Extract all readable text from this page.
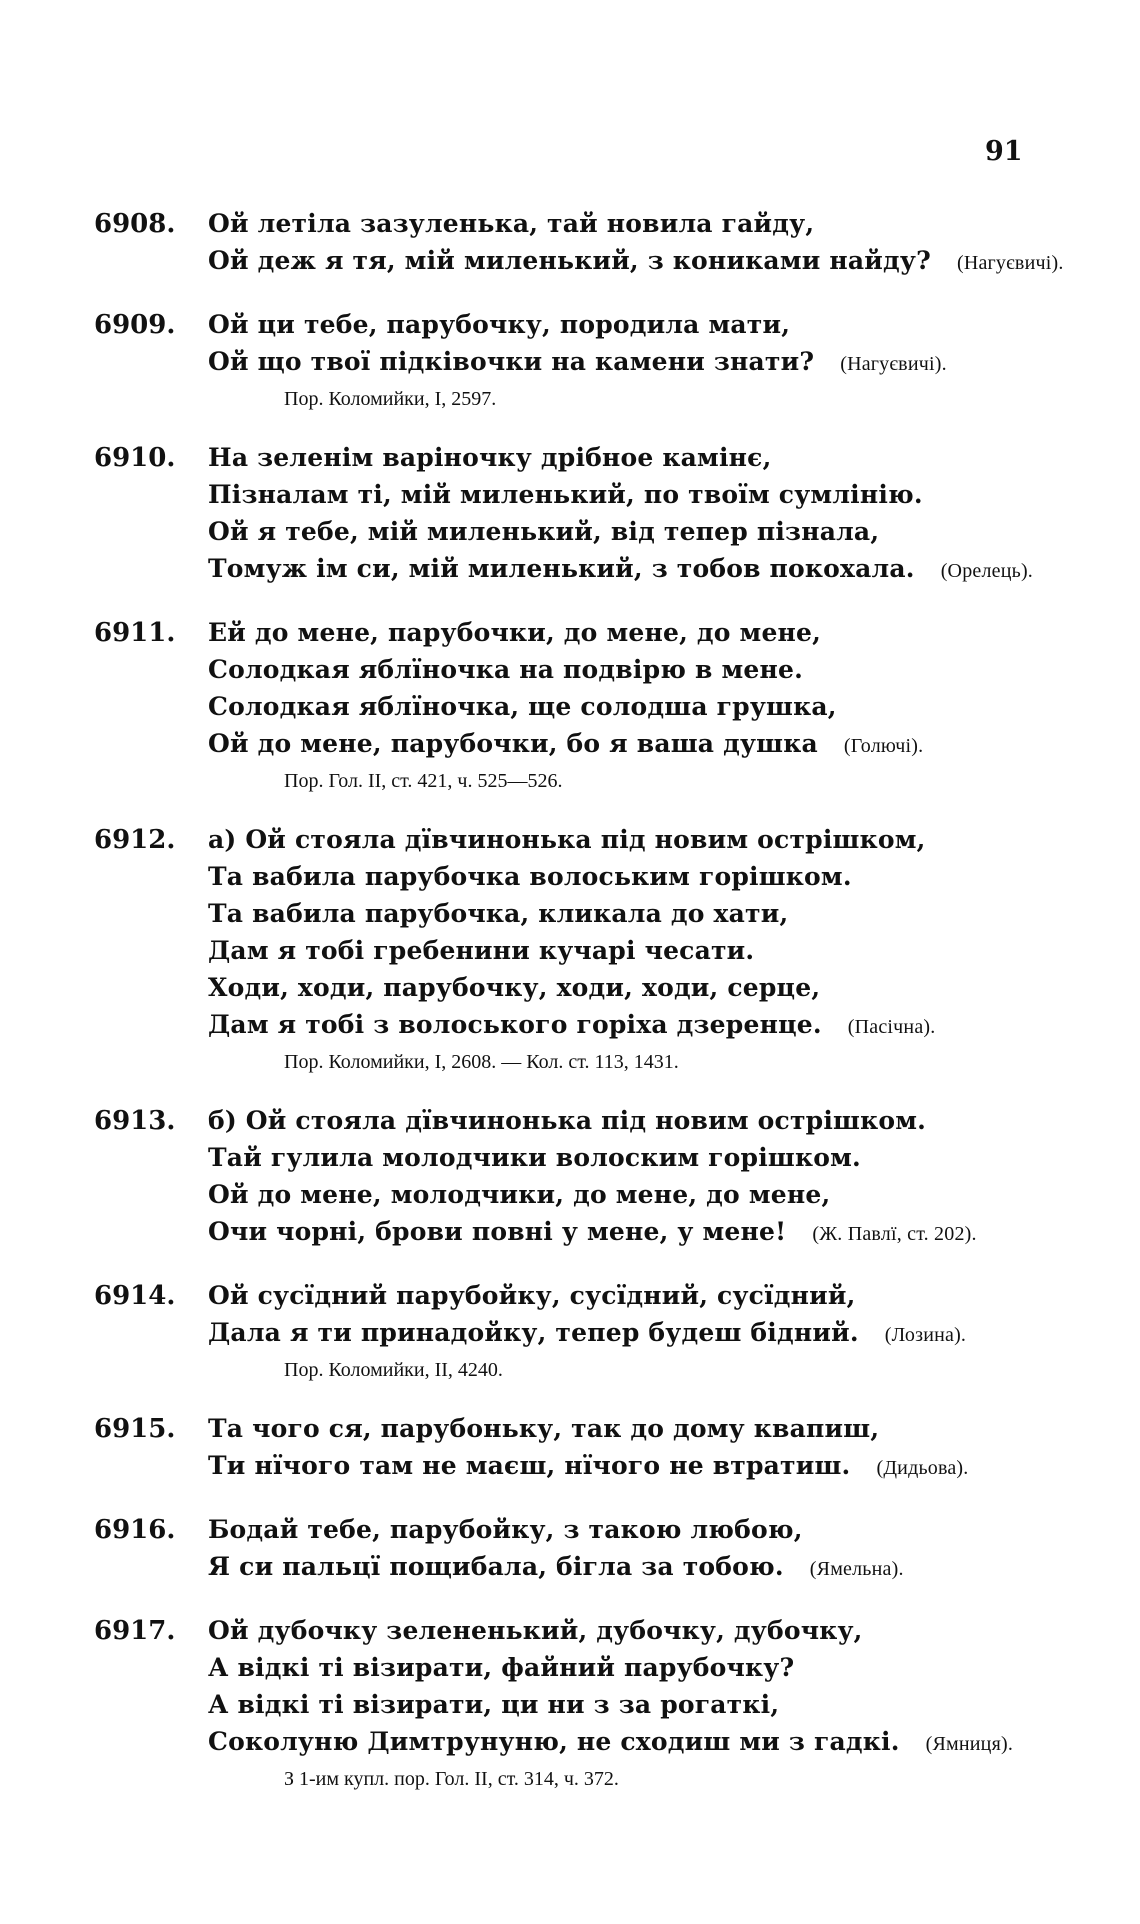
91
6908. Ой летіла зазуленька, тай новила гайду,
Ой деж я тя, мій миленький, з кониками найду? (Нагуєвичі).
6909. Ой ци тебе, парубочку, породила мати,
Ой що твої підківочки на камени знати? (Нагуєвичі).
Пор. Коломийки, I, 2597.
6910. На зеленім варіночку дрібное камінє,
Пізналам ті, мій миленький, по твоїм сумлінію.
Ой я тебе, мій миленький, від тепер пізнала,
Томуж ім си, мій миленький, з тобов покохала. (Орелець).
6911. Ей до мене, парубочки, до мене, до мене,
Солодкая яблїночка на подвірю в мене.
Солодкая яблїночка, ще солодша грушка,
Ой до мене, парубочки, бо я ваша душка (Голючі).
Пор. Гол. II, ст. 421, ч. 525—526.
6912. а) Ой стояла дївчинонька під новим острішком,
Та вабила парубочка волоським горішком.
Та вабила парубочка, кликала до хати,
Дам я тобі гребенини кучарі чесати.
Ходи, ходи, парубочку, ходи, ходи, серце,
Дам я тобі з волоського горіха дзеренце. (Пасічна).
Пор. Коломийки, I, 2608. — Кол. ст. 113, 1431.
6913. б) Ой стояла дївчинонька під новим острішком.
Тай гулила молодчики волоским горішком.
Ой до мене, молодчики, до мене, до мене,
Очи чорні, брови повні у мене, у мене! (Ж. Павлї, ст. 202).
6914. Ой сусїдний парубойку, сусїдний, сусїдний,
Дала я ти принадойку, тепер будеш бідний. (Лозина).
Пор. Коломийки, II, 4240.
6915. Та чого ся, парубоньку, так до дому квапиш,
Ти нїчого там не маєш, нїчого не втратиш. (Дидьова).
6916. Бодай тебе, парубойку, з такою любою,
Я си пальцї пощибала, бігла за тобою. (Ямельна).
6917. Ой дубочку зелененький, дубочку, дубочку,
А відкі ті візирати, файний парубочку?
А відкі ті візирати, ци ни з за рогаткі,
Соколуню Димтрунуню, не сходиш ми з гадкі. (Ямниця).
З 1-им купл. пор. Гол. II, ст. 314, ч. 372.
